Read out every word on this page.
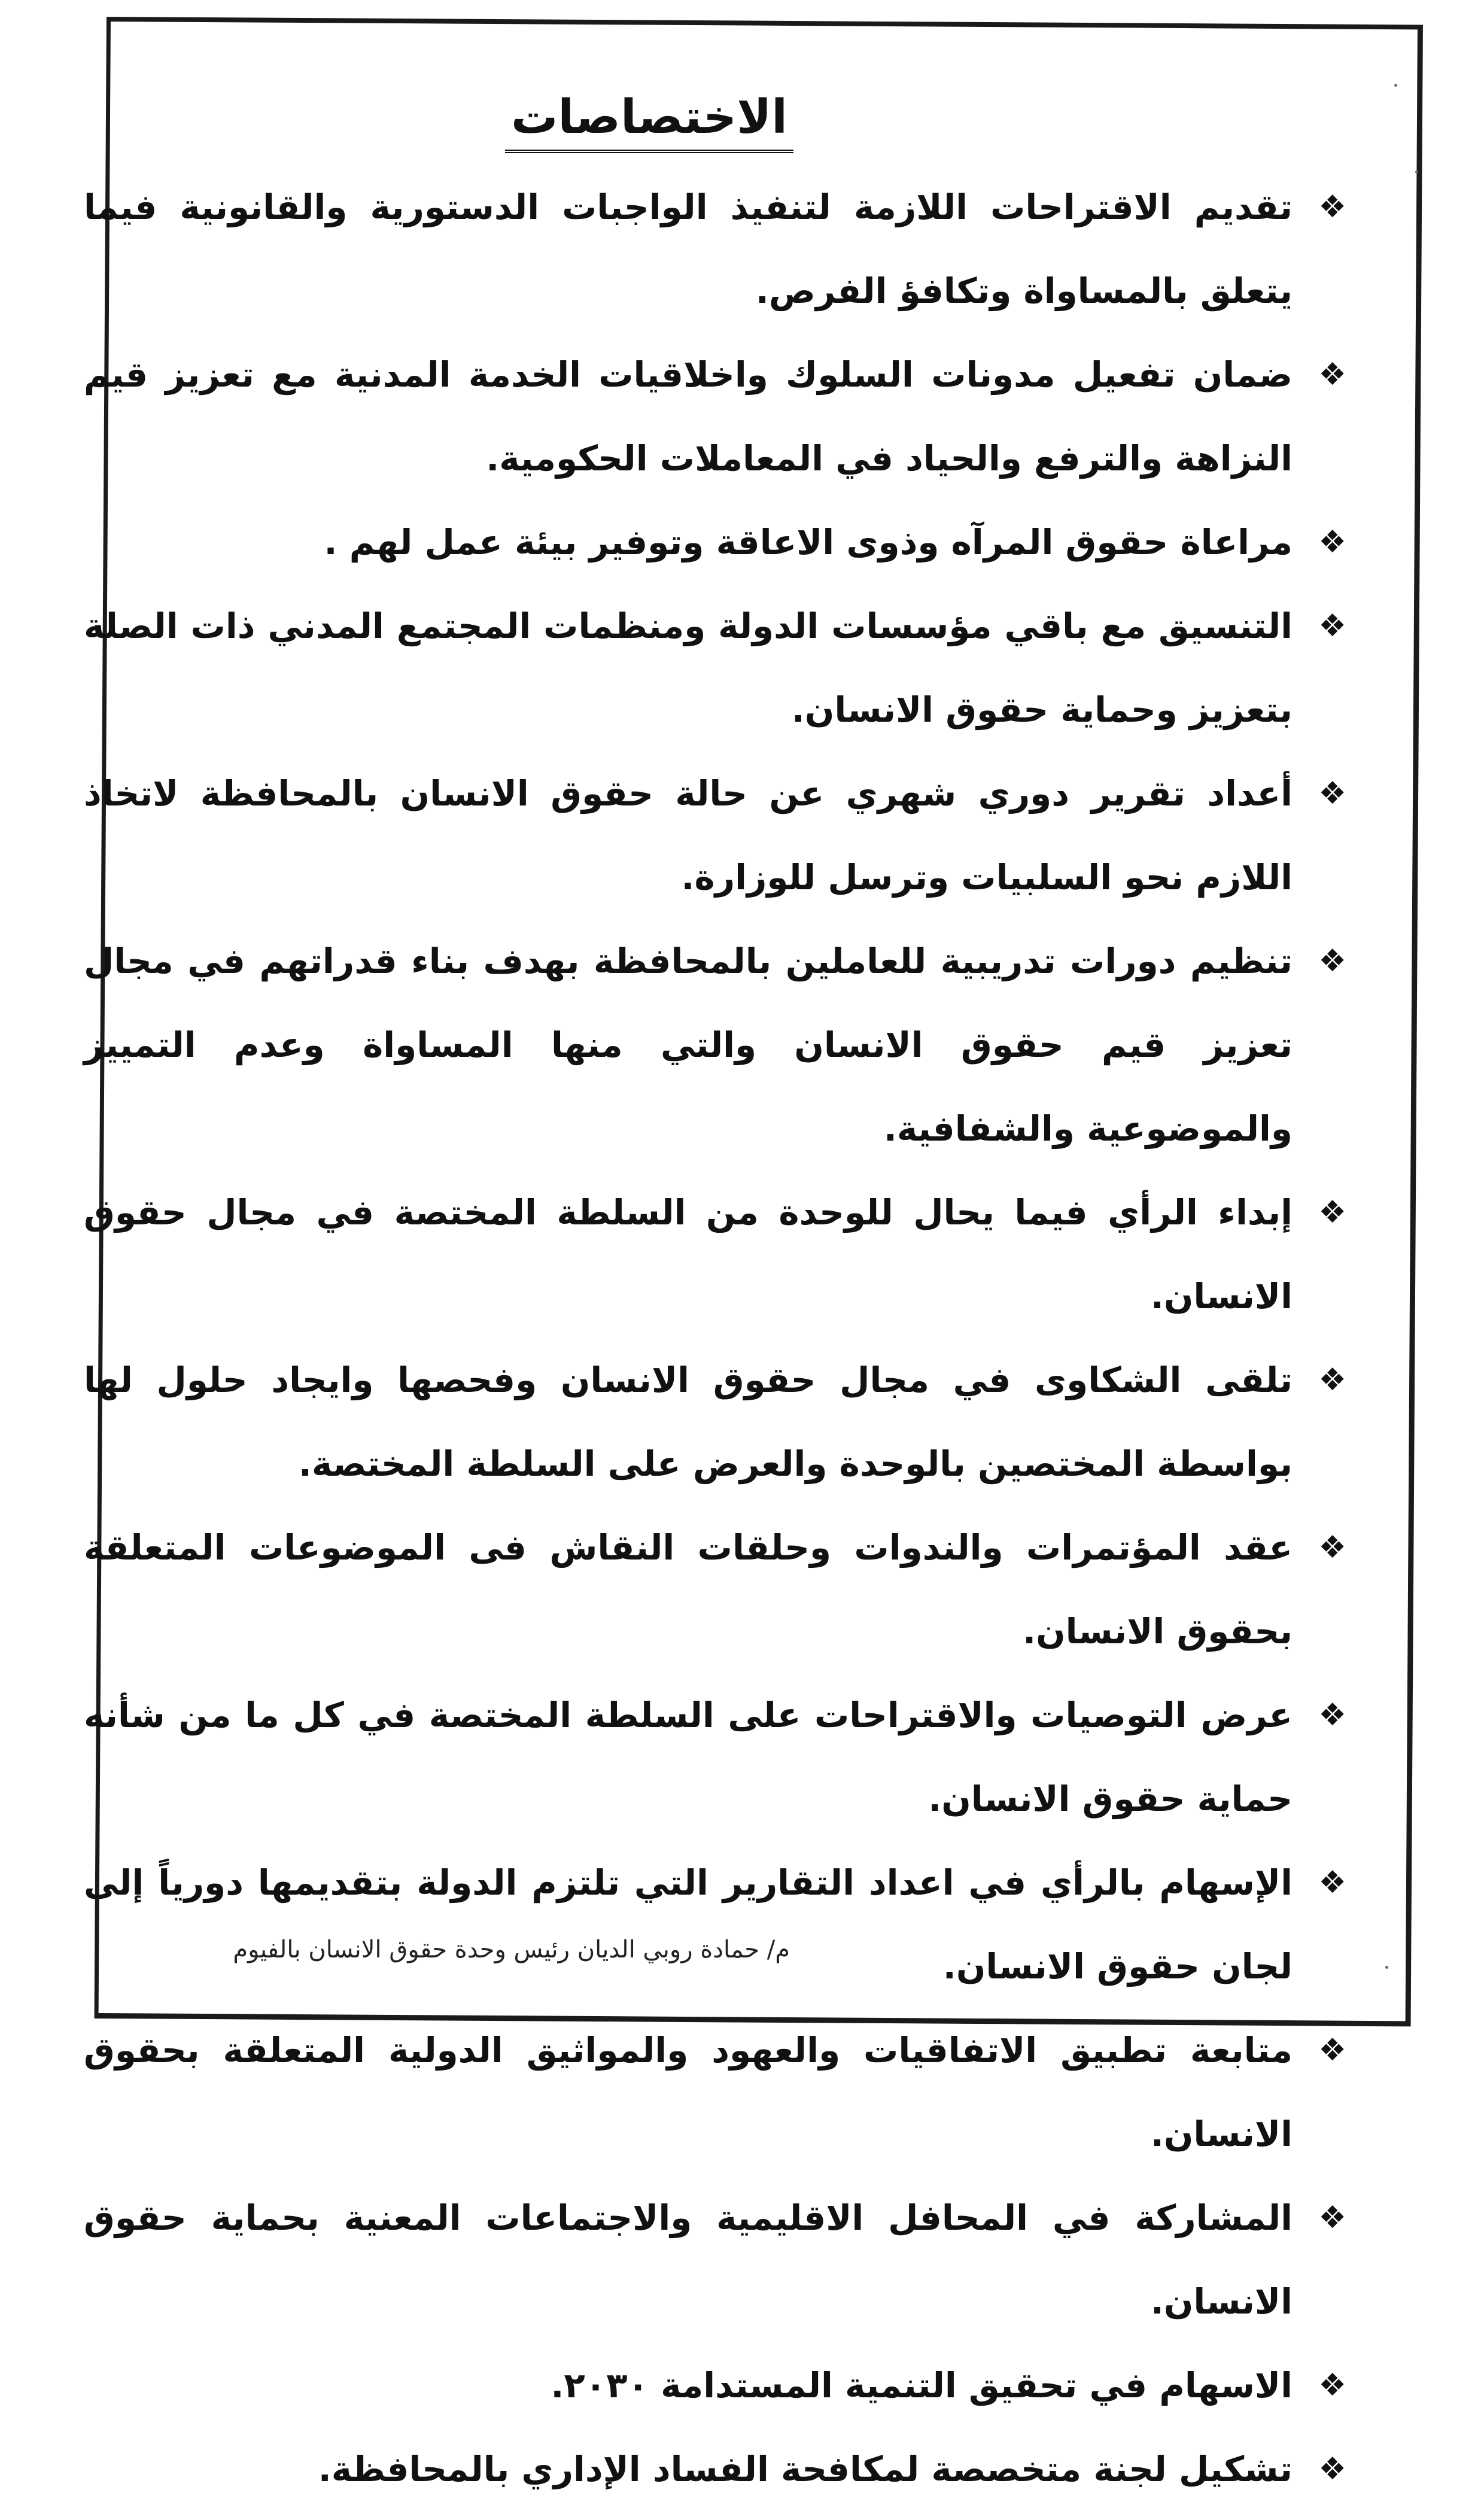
الاختصاصات
❖
تقديم الاقتراحات اللازمة لتنفيذ الواجبات الدستورية والقانونية فيما يتعلق بالمساواة وتكافؤ الفرص.
❖
ضمان تفعيل مدونات السلوك واخلاقيات الخدمة المدنية مع تعزيز قيم النزاهة والترفع والحياد في المعاملات الحكومية.
❖
مراعاة حقوق المرآه وذوى الاعاقة وتوفير بيئة عمل لهم .
❖
التنسيق مع باقي مؤسسات الدولة ومنظمات المجتمع المدني ذات الصلة بتعزيز وحماية حقوق الانسان.
❖
أعداد تقرير دوري شهري عن حالة حقوق الانسان بالمحافظة لاتخاذ اللازم نحو السلبيات وترسل للوزارة.
❖
تنظيم دورات تدريبية للعاملين بالمحافظة بهدف بناء قدراتهم في مجال تعزيز قيم حقوق الانسان والتي منها المساواة وعدم التمييز والموضوعية والشفافية.
❖
إبداء الرأي فيما يحال للوحدة من السلطة المختصة في مجال حقوق الانسان.
❖
تلقى الشكاوى في مجال حقوق الانسان وفحصها وايجاد حلول لها بواسطة المختصين بالوحدة والعرض على السلطة المختصة.
❖
عقد المؤتمرات والندوات وحلقات النقاش فى الموضوعات المتعلقة بحقوق الانسان.
❖
عرض التوصيات والاقتراحات على السلطة المختصة في كل ما من شأنه حماية حقوق الانسان.
❖
الإسهام بالرأي في اعداد التقارير التي تلتزم الدولة بتقديمها دورياً إلى لجان حقوق الانسان.
❖
متابعة تطبيق الاتفاقيات والعهود والمواثيق الدولية المتعلقة بحقوق الانسان.
❖
المشاركة في المحافل الاقليمية والاجتماعات المعنية بحماية حقوق الانسان.
❖
الاسهام في تحقيق التنمية المستدامة ٢٠٣٠.
❖
تشكيل لجنة متخصصة لمكافحة الفساد الإداري بالمحافظة.
م/ حمادة روبي الديان رئيس وحدة حقوق الانسان بالفيوم
